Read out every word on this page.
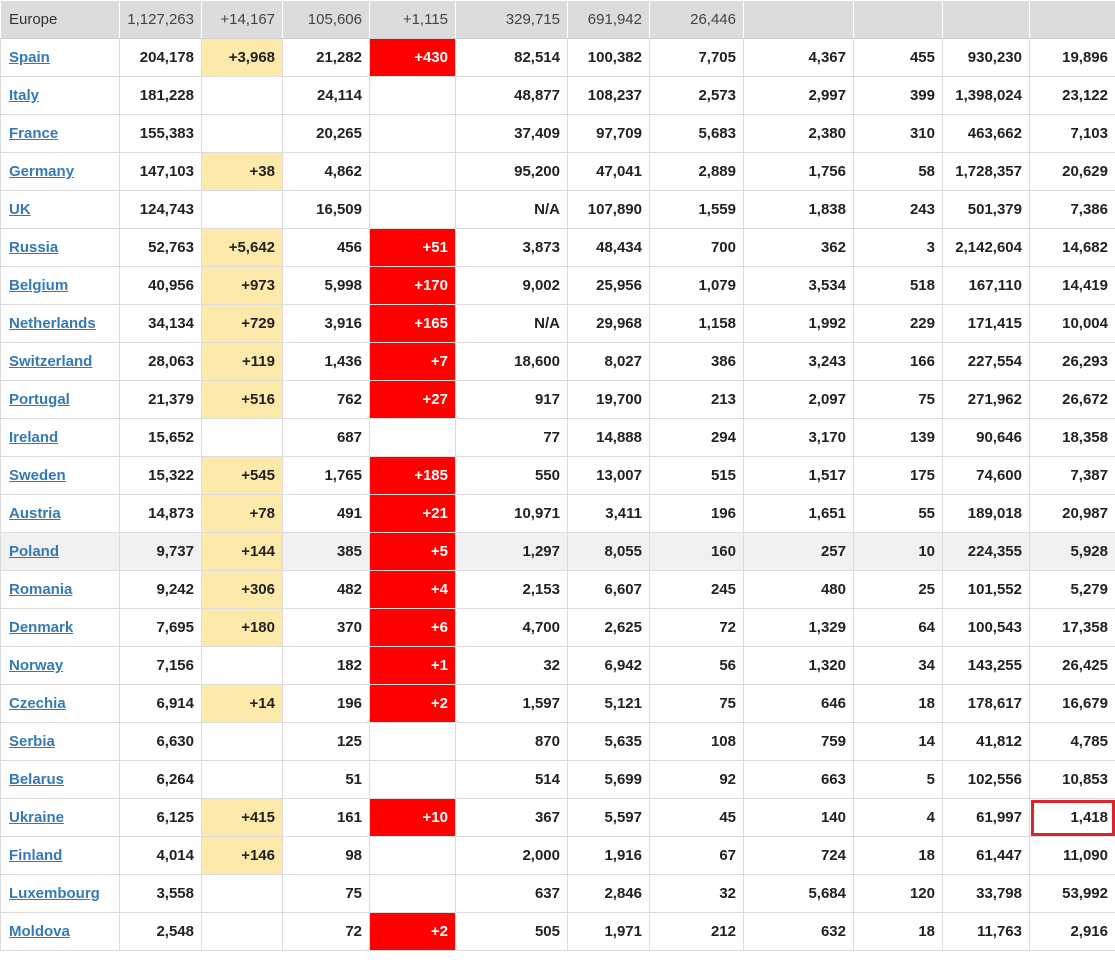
Europe	1,127,263	+14,167	105,606	+1,115	329,715	691,942	26,446				
Spain	204,178	+3,968	21,282	+430	82,514	100,382	7,705	4,367	455	930,230	19,896
Italy	181,228		24,114		48,877	108,237	2,573	2,997	399	1,398,024	23,122
France	155,383		20,265		37,409	97,709	5,683	2,380	310	463,662	7,103
Germany	147,103	+38	4,862		95,200	47,041	2,889	1,756	58	1,728,357	20,629
UK	124,743		16,509		N/A	107,890	1,559	1,838	243	501,379	7,386
Russia	52,763	+5,642	456	+51	3,873	48,434	700	362	3	2,142,604	14,682
Belgium	40,956	+973	5,998	+170	9,002	25,956	1,079	3,534	518	167,110	14,419
Netherlands	34,134	+729	3,916	+165	N/A	29,968	1,158	1,992	229	171,415	10,004
Switzerland	28,063	+119	1,436	+7	18,600	8,027	386	3,243	166	227,554	26,293
Portugal	21,379	+516	762	+27	917	19,700	213	2,097	75	271,962	26,672
Ireland	15,652		687		77	14,888	294	3,170	139	90,646	18,358
Sweden	15,322	+545	1,765	+185	550	13,007	515	1,517	175	74,600	7,387
Austria	14,873	+78	491	+21	10,971	3,411	196	1,651	55	189,018	20,987
Poland	9,737	+144	385	+5	1,297	8,055	160	257	10	224,355	5,928
Romania	9,242	+306	482	+4	2,153	6,607	245	480	25	101,552	5,279
Denmark	7,695	+180	370	+6	4,700	2,625	72	1,329	64	100,543	17,358
Norway	7,156		182	+1	32	6,942	56	1,320	34	143,255	26,425
Czechia	6,914	+14	196	+2	1,597	5,121	75	646	18	178,617	16,679
Serbia	6,630		125		870	5,635	108	759	14	41,812	4,785
Belarus	6,264		51		514	5,699	92	663	5	102,556	10,853
Ukraine	6,125	+415	161	+10	367	5,597	45	140	4	61,997	1,418
Finland	4,014	+146	98		2,000	1,916	67	724	18	61,447	11,090
Luxembourg	3,558		75		637	2,846	32	5,684	120	33,798	53,992
Moldova	2,548		72	+2	505	1,971	212	632	18	11,763	2,916
